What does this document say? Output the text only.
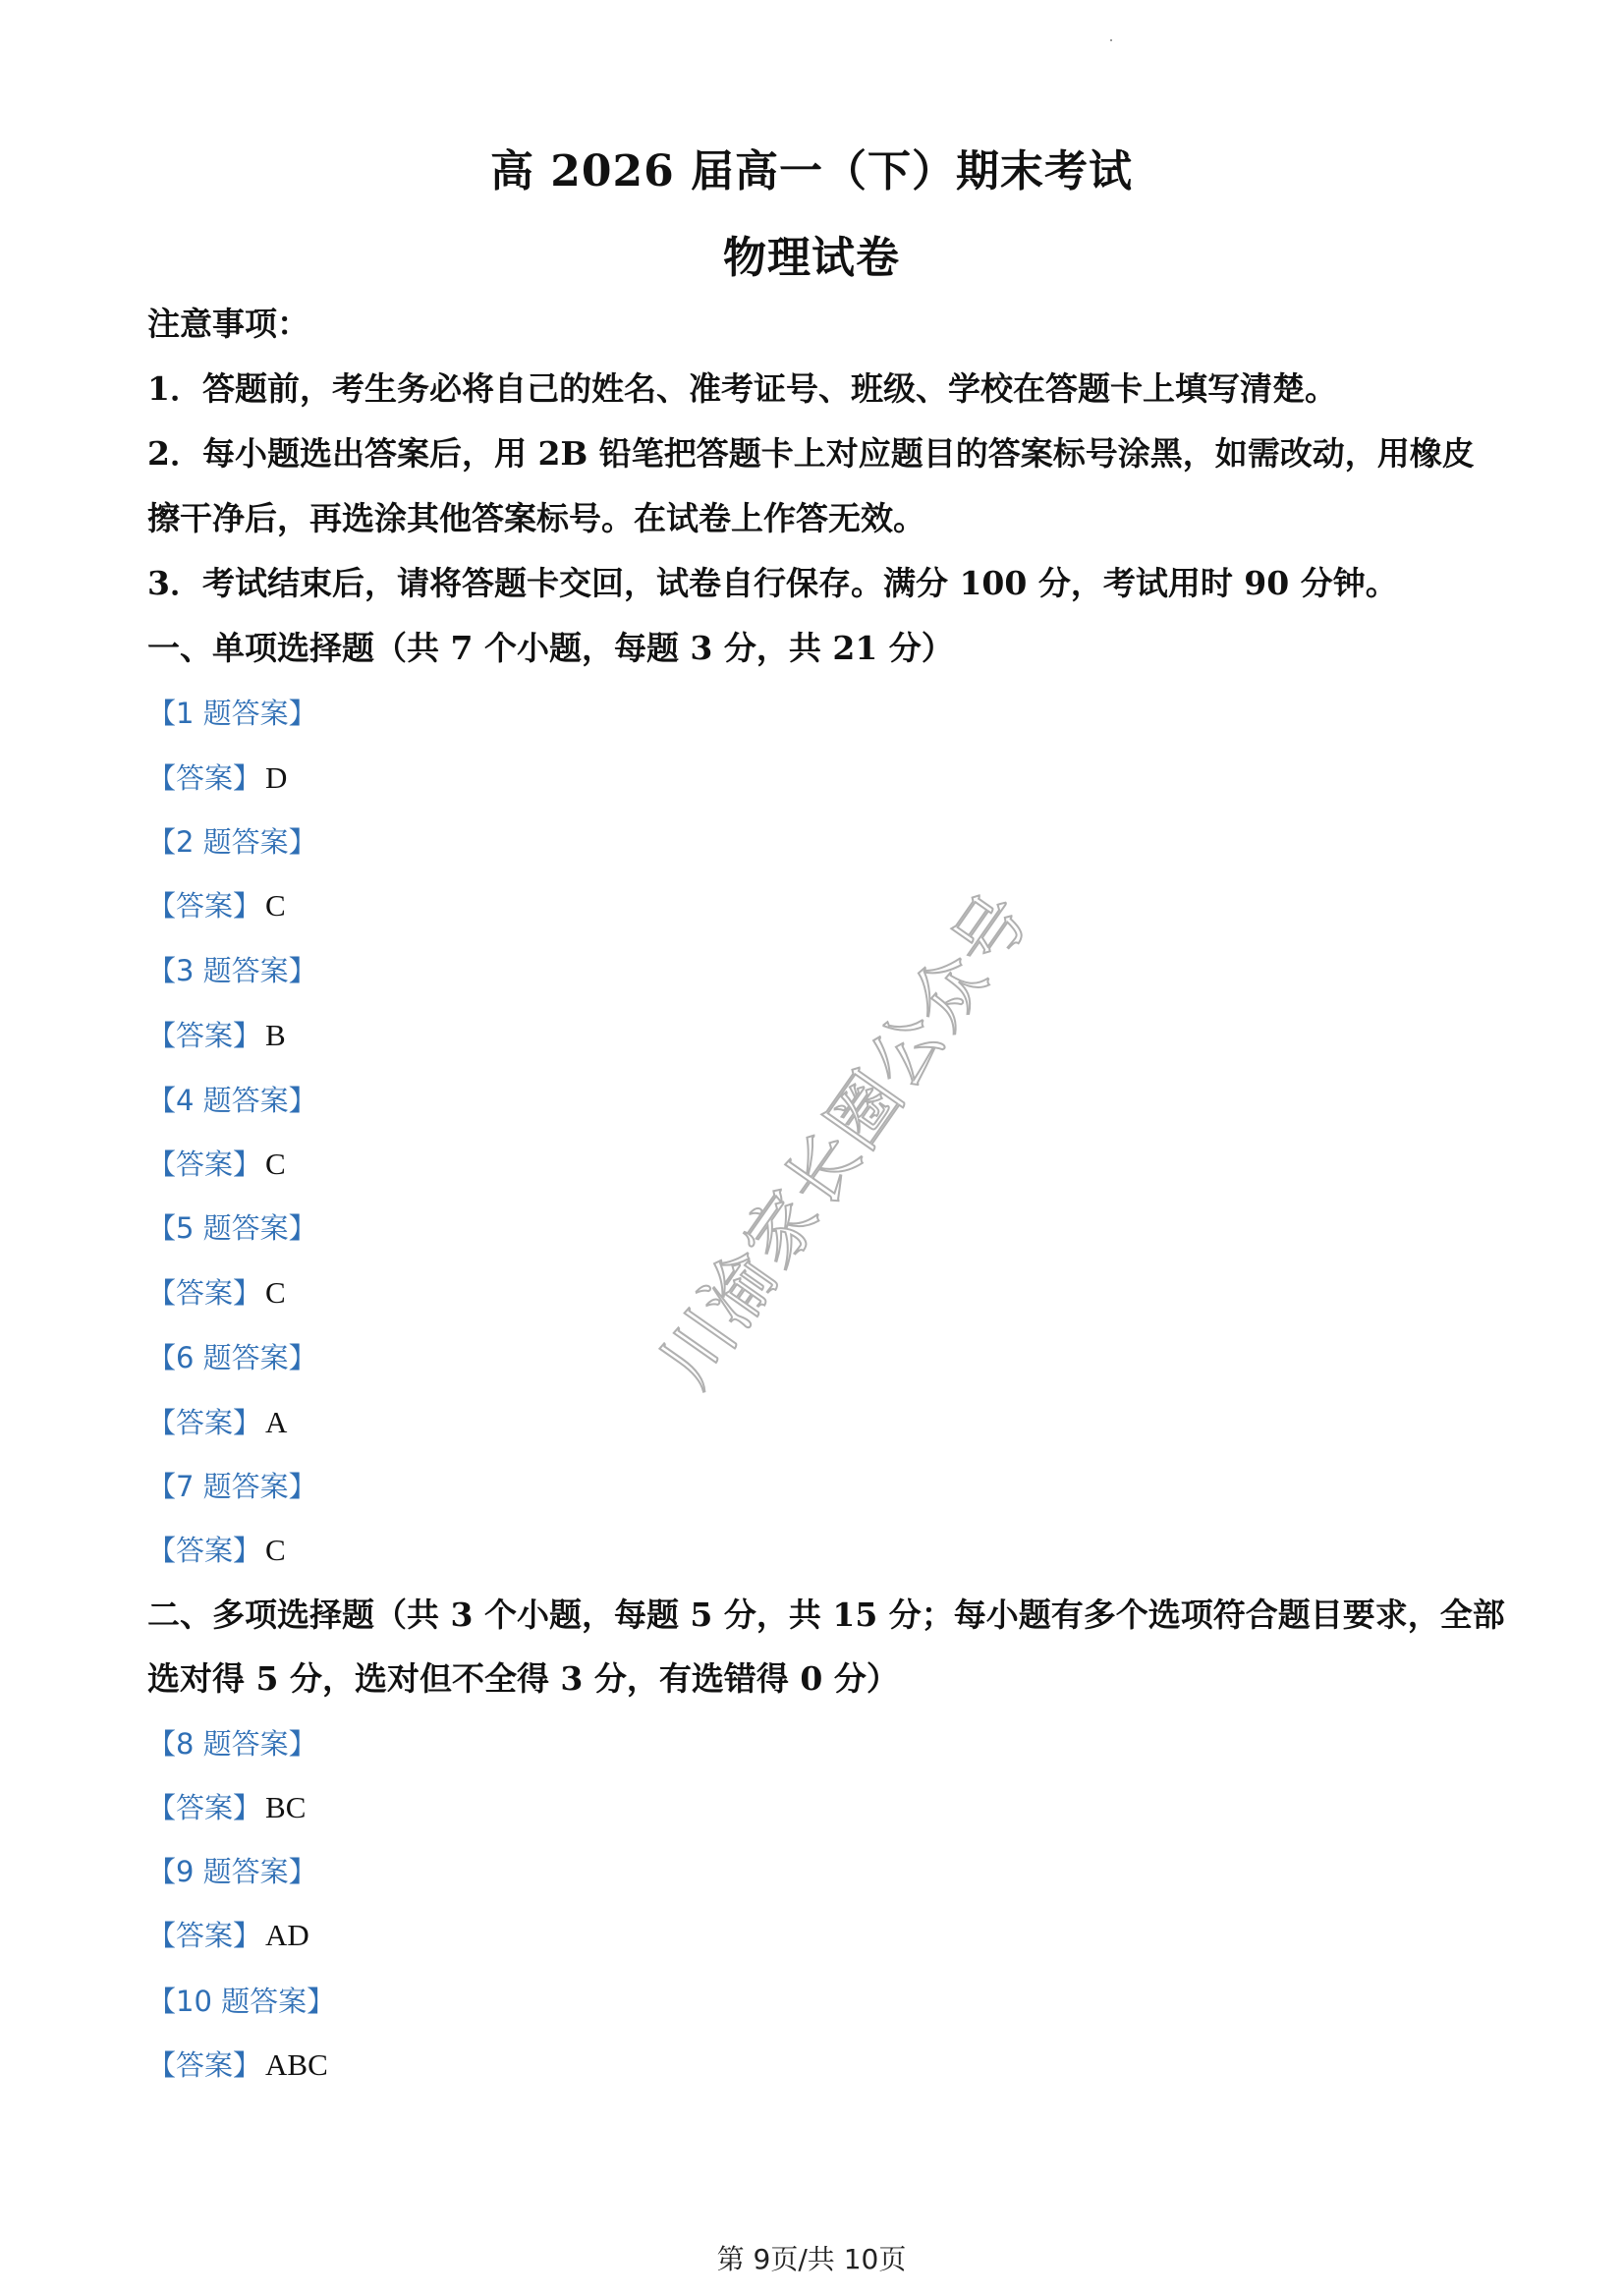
高 2026 届高一（下）期末考试
物理试卷
注意事项：
1．答题前，考生务必将自己的姓名、准考证号、班级、学校在答题卡上填写清楚。
2．每小题选出答案后，用 2B 铅笔把答题卡上对应题目的答案标号涂黑，如需改动，用橡皮
擦干净后，再选涂其他答案标号。在试卷上作答无效。
3．考试结束后，请将答题卡交回，试卷自行保存。满分 100 分，考试用时 90 分钟。
一、单项选择题（共 7 个小题，每题 3 分，共 21 分）
【1 题答案】
【答案】 D
【2 题答案】
【答案】 C
【3 题答案】
【答案】 B
【4 题答案】
【答案】 C
【5 题答案】
【答案】 C
【6 题答案】
【答案】 A
【7 题答案】
【答案】 C
二、多项选择题（共 3 个小题，每题 5 分，共 15 分；每小题有多个选项符合题目要求，全部
选对得 5 分，选对但不全得 3 分，有选错得 0 分）
【8 题答案】
【答案】 BC
【9 题答案】
【答案】 AD
【10 题答案】
【答案】 ABC
川渝家长圈公众号
第 9页/共 10页
